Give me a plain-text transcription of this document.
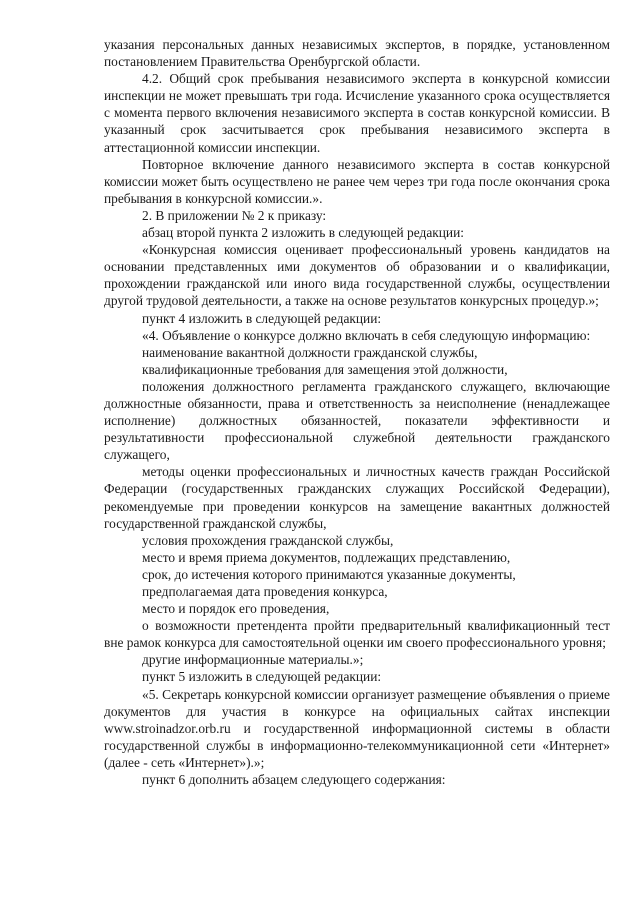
указания персональных данных независимых экспертов, в порядке, установленном постановлением Правительства Оренбургской области.

4.2. Общий срок пребывания независимого эксперта в конкурсной комиссии инспекции не может превышать три года. Исчисление указанного срока осуществляется с момента первого включения независимого эксперта в состав конкурсной комиссии. В указанный срок засчитывается срок пребывания независимого эксперта в аттестационной комиссии инспекции.

Повторное включение данного независимого эксперта в состав конкурсной комиссии может быть осуществлено не ранее чем через три года после окончания срока пребывания в конкурсной комиссии.».

2. В приложении № 2 к приказу:

абзац второй пункта 2 изложить в следующей редакции:

«Конкурсная комиссия оценивает профессиональный уровень кандидатов на основании представленных ими документов об образовании и о квалификации, прохождении гражданской или иного вида государственной службы, осуществлении другой трудовой деятельности, а также на основе результатов конкурсных процедур.»;

пункт 4 изложить в следующей редакции:

«4. Объявление о конкурсе должно включать в себя следующую информацию:

наименование вакантной должности гражданской службы,

квалификационные требования для замещения этой должности,

положения должностного регламента гражданского служащего, включающие должностные обязанности, права и ответственность за неисполнение (ненадлежащее исполнение) должностных обязанностей, показатели эффективности и результативности профессиональной служебной деятельности гражданского служащего,

методы оценки профессиональных и личностных качеств граждан Российской Федерации (государственных гражданских служащих Российской Федерации), рекомендуемые при проведении конкурсов на замещение вакантных должностей государственной гражданской службы,

условия прохождения гражданской службы,

место и время приема документов, подлежащих представлению,

срок, до истечения которого принимаются указанные документы,

предполагаемая дата проведения конкурса,

место и порядок его проведения,

о возможности претендента пройти предварительный квалификационный тест вне рамок конкурса для самостоятельной оценки им своего профессионального уровня;

другие информационные материалы.»;

пункт 5 изложить в следующей редакции:

«5. Секретарь конкурсной комиссии организует размещение объявления о приеме документов для участия в конкурсе на официальных сайтах инспекции www.stroinadzor.orb.ru и государственной информационной системы в области государственной службы в информационно-телекоммуникационной сети «Интернет» (далее - сеть «Интернет»).»;

пункт 6 дополнить абзацем следующего содержания:
